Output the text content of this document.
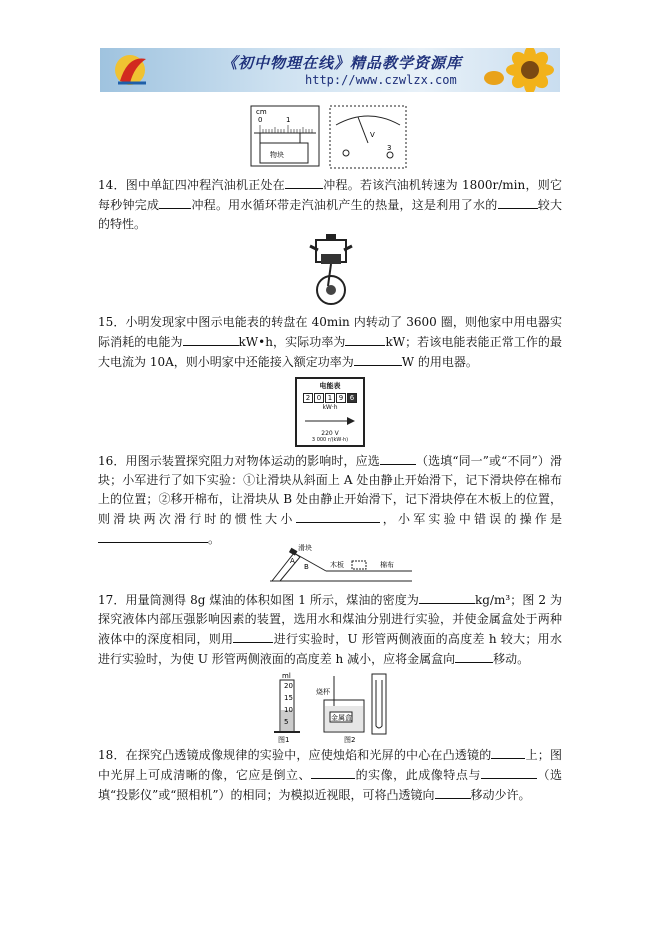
《初中物理在线》精品教学资源库
http://www.czwlzx.com
cm
0	1
物块
V
3

14．图中单缸四冲程汽油机正处在	冲程。若该汽油机转速为 1800r/min，则它每秒钟完成	冲程。用水循环带走汽油机产生的热量，这是利用了水的	较大的特性。

15．小明发现家中图示电能表的转盘在 40min 内转动了 3600 圈，则他家中用电器实际消耗的电能为	kW•h，实际功率为	kW；若该电能表能正常工作的最大电流为 10A，则小明家中还能接入额定功率为	W 的用电器。

电能表
2 0 1 9 6
kW·h
220 V
3 000 r/(kW·h)

16．用图示装置探究阻力对物体运动的影响时，应选	（选填“同一”或“不同”）滑块；小军进行了如下实验：①让滑块从斜面上 A 处由静止开始滑下，记下滑块停在棉布上的位置；②移开棉布，让滑块从 B 处由静止开始滑下，记下滑块停在木板上的位置，则滑块两次滑行时的惯性大小	，小军实验中错误的操作是。

滑块
A
B	木板	棉布

17．用量筒测得 8g 煤油的体积如图 1 所示，煤油的密度为	kg/m³；图 2 为探究液体内部压强影响因素的装置，选用水和煤油分别进行实验，并使金属盒处于两种液体中的深度相同，则用	进行实验时，U 形管两侧液面的高度差 h 较大；用水进行实验时，为使 U 形管两侧液面的高度差 h 减小，应将金属盒向	移动。

ml
20
15
10
5
图1
烧杯
金属盒
图2

18．在探究凸透镜成像规律的实验中，应使烛焰和光屏的中心在凸透镜的	上；图中光屏上可成清晰的像，它应是倒立、	的实像，此成像特点与	（选填“投影仪”或“照相机”）的相同；为模拟近视眼，可将凸透镜向	移动少许。
